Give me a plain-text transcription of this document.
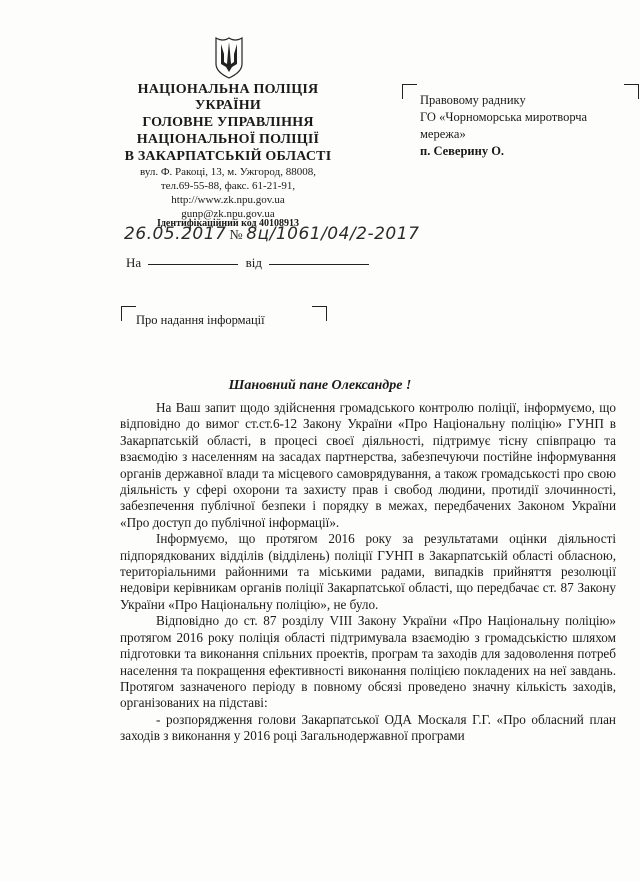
НАЦІОНАЛЬНА ПОЛІЦІЯ
УКРАЇНИ
ГОЛОВНЕ УПРАВЛІННЯ
НАЦІОНАЛЬНОЇ ПОЛІЦІЇ
В ЗАКАРПАТСЬКІЙ ОБЛАСТІ
вул. Ф. Ракоці, 13, м. Ужгород, 88008,
тел.69-55-88, факс. 61-21-91,
http://www.zk.npu.gov.ua
gunp@zk.npu.gov.ua
Ідентифікаційний код 40108913
26.05.2017 № 8ц/1061/04/2-2017
На	від
Правовому раднику
ГО «Чорноморська миротворча
мережа»
п. Северину О.
Про надання інформації
Шановний пане Олександре !

На Ваш запит щодо здійснення громадського контролю поліції, інформуємо, що відповідно до вимог ст.ст.6-12 Закону України «Про Національну поліцію» ГУНП в Закарпатській області, в процесі своєї діяльності, підтримує тісну співпрацю та взаємодію з населенням на засадах партнерства, забезпечуючи постійне інформування органів державної влади та місцевого самоврядування, а також громадськості про свою діяльність у сфері охорони та захисту прав і свобод людини, протидії злочинності, забезпечення публічної безпеки і порядку в межах, передбачених Законом України «Про доступ до публічної інформації».

Інформуємо, що протягом 2016 року за результатами оцінки діяльності підпорядкованих відділів (відділень) поліції ГУНП в Закарпатській області обласною, територіальними районними та міськими радами, випадків прийняття резолюції недовіри керівникам органів поліції Закарпатської області, що передбачає ст. 87 Закону України «Про Національну поліцію», не було.

Відповідно до ст. 87 розділу VIII Закону України «Про Національну поліцію» протягом 2016 року поліція області підтримувала взаємодію з громадськістю шляхом підготовки та виконання спільних проектів, програм та заходів для задоволення потреб населення та покращення ефективності виконання поліцією покладених на неї завдань. Протягом зазначеного періоду в повному обсязі проведено значну кількість заходів, організованих на підставі:

- розпорядження голови Закарпатської ОДА Москаля Г.Г. «Про обласний план заходів з виконання у 2016 році Загальнодержавної програми
